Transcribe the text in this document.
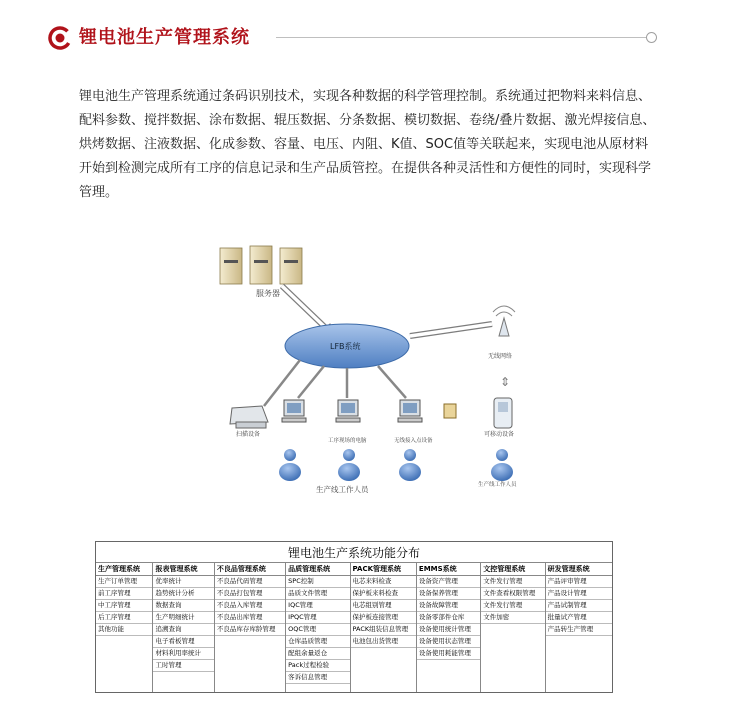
锂电池生产管理系统
锂电池生产管理系统通过条码识别技术，实现各种数据的科学管理控制。系统通过把物料来料信息、配料参数、搅拌数据、涂布数据、辊压数据、分条数据、模切数据、卷绕/叠片数据、激光焊接信息、烘烤数据、注液数据、化成参数、容量、电压、内阻、K值、SOC值等关联起来，实现电池从原材料开始到检测完成所有工序的信息记录和生产品质管控。在提供各种灵活性和方便性的同时，实现科学管理。
服务器
LFB系统
无线网络
⇕
可移动设备
扫描设备
工序现场的电脑	无线接入点设备
生产线工作人员	生产线工作人员
锂电池生产系统功能分布
生产管理系统
生产订单管理
前工序管理
中工序管理
后工序管理
其他功能
报表管理系统
优率统计
趋势统计分析
数据查询
生产明细统计
追溯查询
电子看板管理
材料利用率统计
工时管理
不良品管理系统
不良品代码管理
不良品打包管理
不良品入库管理
不良品出库管理
不良品库存库龄管理
品质管理系统
SPC控制
品质文件管理
IQC管理
IPQC管理
OQC管理
仓库品质管理
配组余量返仓
Pack过程检验
客诉信息管理
PACK管理系统
电芯来料检查
保护板来料检查
电芯组别管理
保护板连接管理
PACK组装信息管理
电池包出货管理
EMMS系统
设备资产管理
设备保养管理
设备故障管理
设备零部件仓库
设备使用统计管理
设备使用状态管理
设备使用耗能管理
文控管理系统
文件发行管理
文件查看权限管理
文件发行管理
文件加密
研发管理系统
产品评审管理
产品设计管理
产品试制管理
批量试产管理
产品转生产管理
